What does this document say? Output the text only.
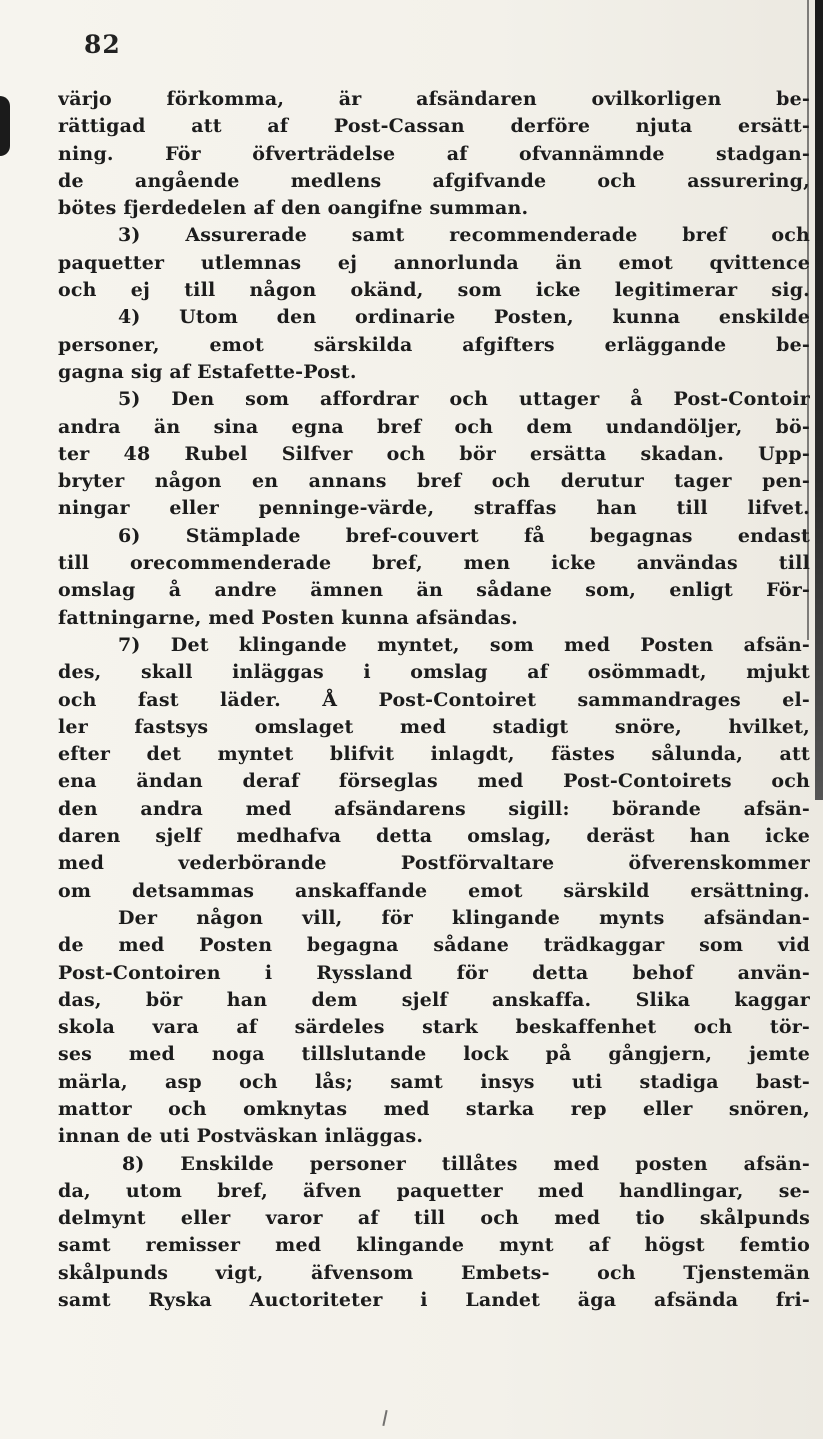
82
värjo förkomma, är afsändaren ovilkorligen be-
rättigad att af Post-Cassan derföre njuta ersätt-
ning. För öfverträdelse af ofvannämnde stadgan-
de angående medlens afgifvande och assurering,
bötes fjerdedelen af den oangifne summan.
3) Assurerade samt recommenderade bref och
paquetter utlemnas ej annorlunda än emot qvittence
och ej till någon okänd, som icke legitimerar sig.
4) Utom den ordinarie Posten, kunna enskilde
personer, emot särskilda afgifters erläggande be-
gagna sig af Estafette-Post.
5) Den som affordrar och uttager å Post-Contoir
andra än sina egna bref och dem undandöljer, bö-
ter 48 Rubel Silfver och bör ersätta skadan. Upp-
bryter någon en annans bref och derutur tager pen-
ningar eller penninge-värde, straffas han till lifvet.
6) Stämplade bref-couvert få begagnas endast
till orecommenderade bref, men icke användas till
omslag å andre ämnen än sådane som, enligt För-
fattningarne, med Posten kunna afsändas.
7) Det klingande myntet, som med Posten afsän-
des, skall inläggas i omslag af osömmadt, mjukt
och fast läder. Å Post-Contoiret sammandrages el-
ler fastsys omslaget med stadigt snöre, hvilket,
efter det myntet blifvit inlagdt, fästes sålunda, att
ena ändan deraf förseglas med Post-Contoirets och
den andra med afsändarens sigill: börande afsän-
daren sjelf medhafva detta omslag, deräst han icke
med vederbörande Postförvaltare öfverenskommer
om detsammas anskaffande emot särskild ersättning.
Der någon vill, för klingande mynts afsändan-
de med Posten begagna sådane trädkaggar som vid
Post-Contoiren i Ryssland för detta behof använ-
das, bör han dem sjelf anskaffa. Slika kaggar
skola vara af särdeles stark beskaffenhet och tör-
ses med noga tillslutande lock på gångjern, jemte
märla, asp och lås; samt insys uti stadiga bast-
mattor och omknytas med starka rep eller snören,
innan de uti Postväskan inläggas.
8) Enskilde personer tillåtes med posten afsän-
da, utom bref, äfven paquetter med handlingar, se-
delmynt eller varor af till och med tio skålpunds
samt remisser med klingande mynt af högst femtio
skålpunds vigt, äfvensom Embets- och Tjenstemän
samt Ryska Auctoriteter i Landet äga afsända fri-
